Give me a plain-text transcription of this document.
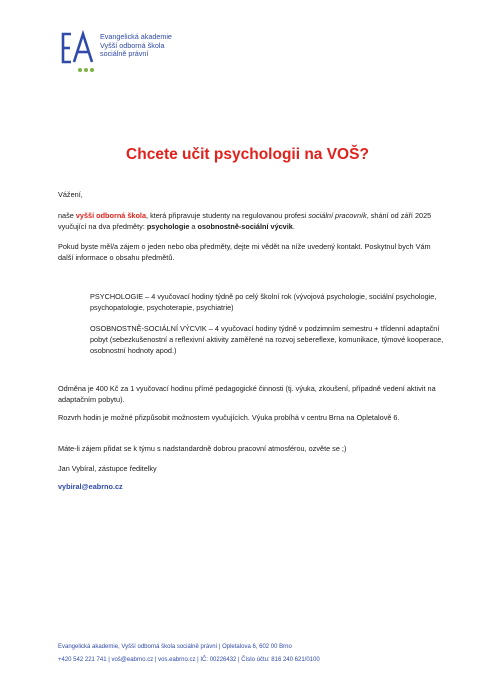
Evangelická akademie
Vyšší odborná škola
sociálně právní
Chcete učit psychologii na VOŠ?
Vážení,
naše vyšší odborná škola, která připravuje studenty na regulovanou profesi sociální pracovník, shání od září 2025 vyučující na dva předměty: psychologie a osobnostně-sociální výcvik.
Pokud byste měl/a zájem o jeden nebo oba předměty, dejte mi vědět na níže uvedený kontakt. Poskytnul bych Vám další informace o obsahu předmětů.
PSYCHOLOGIE – 4 vyučovací hodiny týdně po celý školní rok (vývojová psychologie, sociální psychologie, psychopatologie, psychoterapie, psychiatrie)
OSOBNOSTNĚ-SOCIÁLNÍ VÝCVIK – 4 vyučovací hodiny týdně v podzimním semestru + třídenní adaptační pobyt (sebezkušenostní a reflexivní aktivity zaměřené na rozvoj sebereflexe, komunikace, týmové kooperace, osobnostní hodnoty apod.)
Odměna je 400 Kč za 1 vyučovací hodinu přímé pedagogické činnosti (tj. výuka, zkoušení, případně vedení aktivit na adaptačním pobytu).
Rozvrh hodin je možné přizpůsobit možnostem vyučujících. Výuka probíhá v centru Brna na Opletalově 6.
Máte-li zájem přidat se k týmu s nadstandardně dobrou pracovní atmosférou, ozvěte se ;)
Jan Vybíral, zástupce ředitelky
vybiral@eabrno.cz
Evangelická akademie, Vyšší odborná škola sociálně právní | Opletalova 6, 602 00 Brno
+420 542 221 741 | voš@eabrno.cz | vos.eabrno.cz | IČ: 00226432 | Číslo účtu: 816 240 621/0100
